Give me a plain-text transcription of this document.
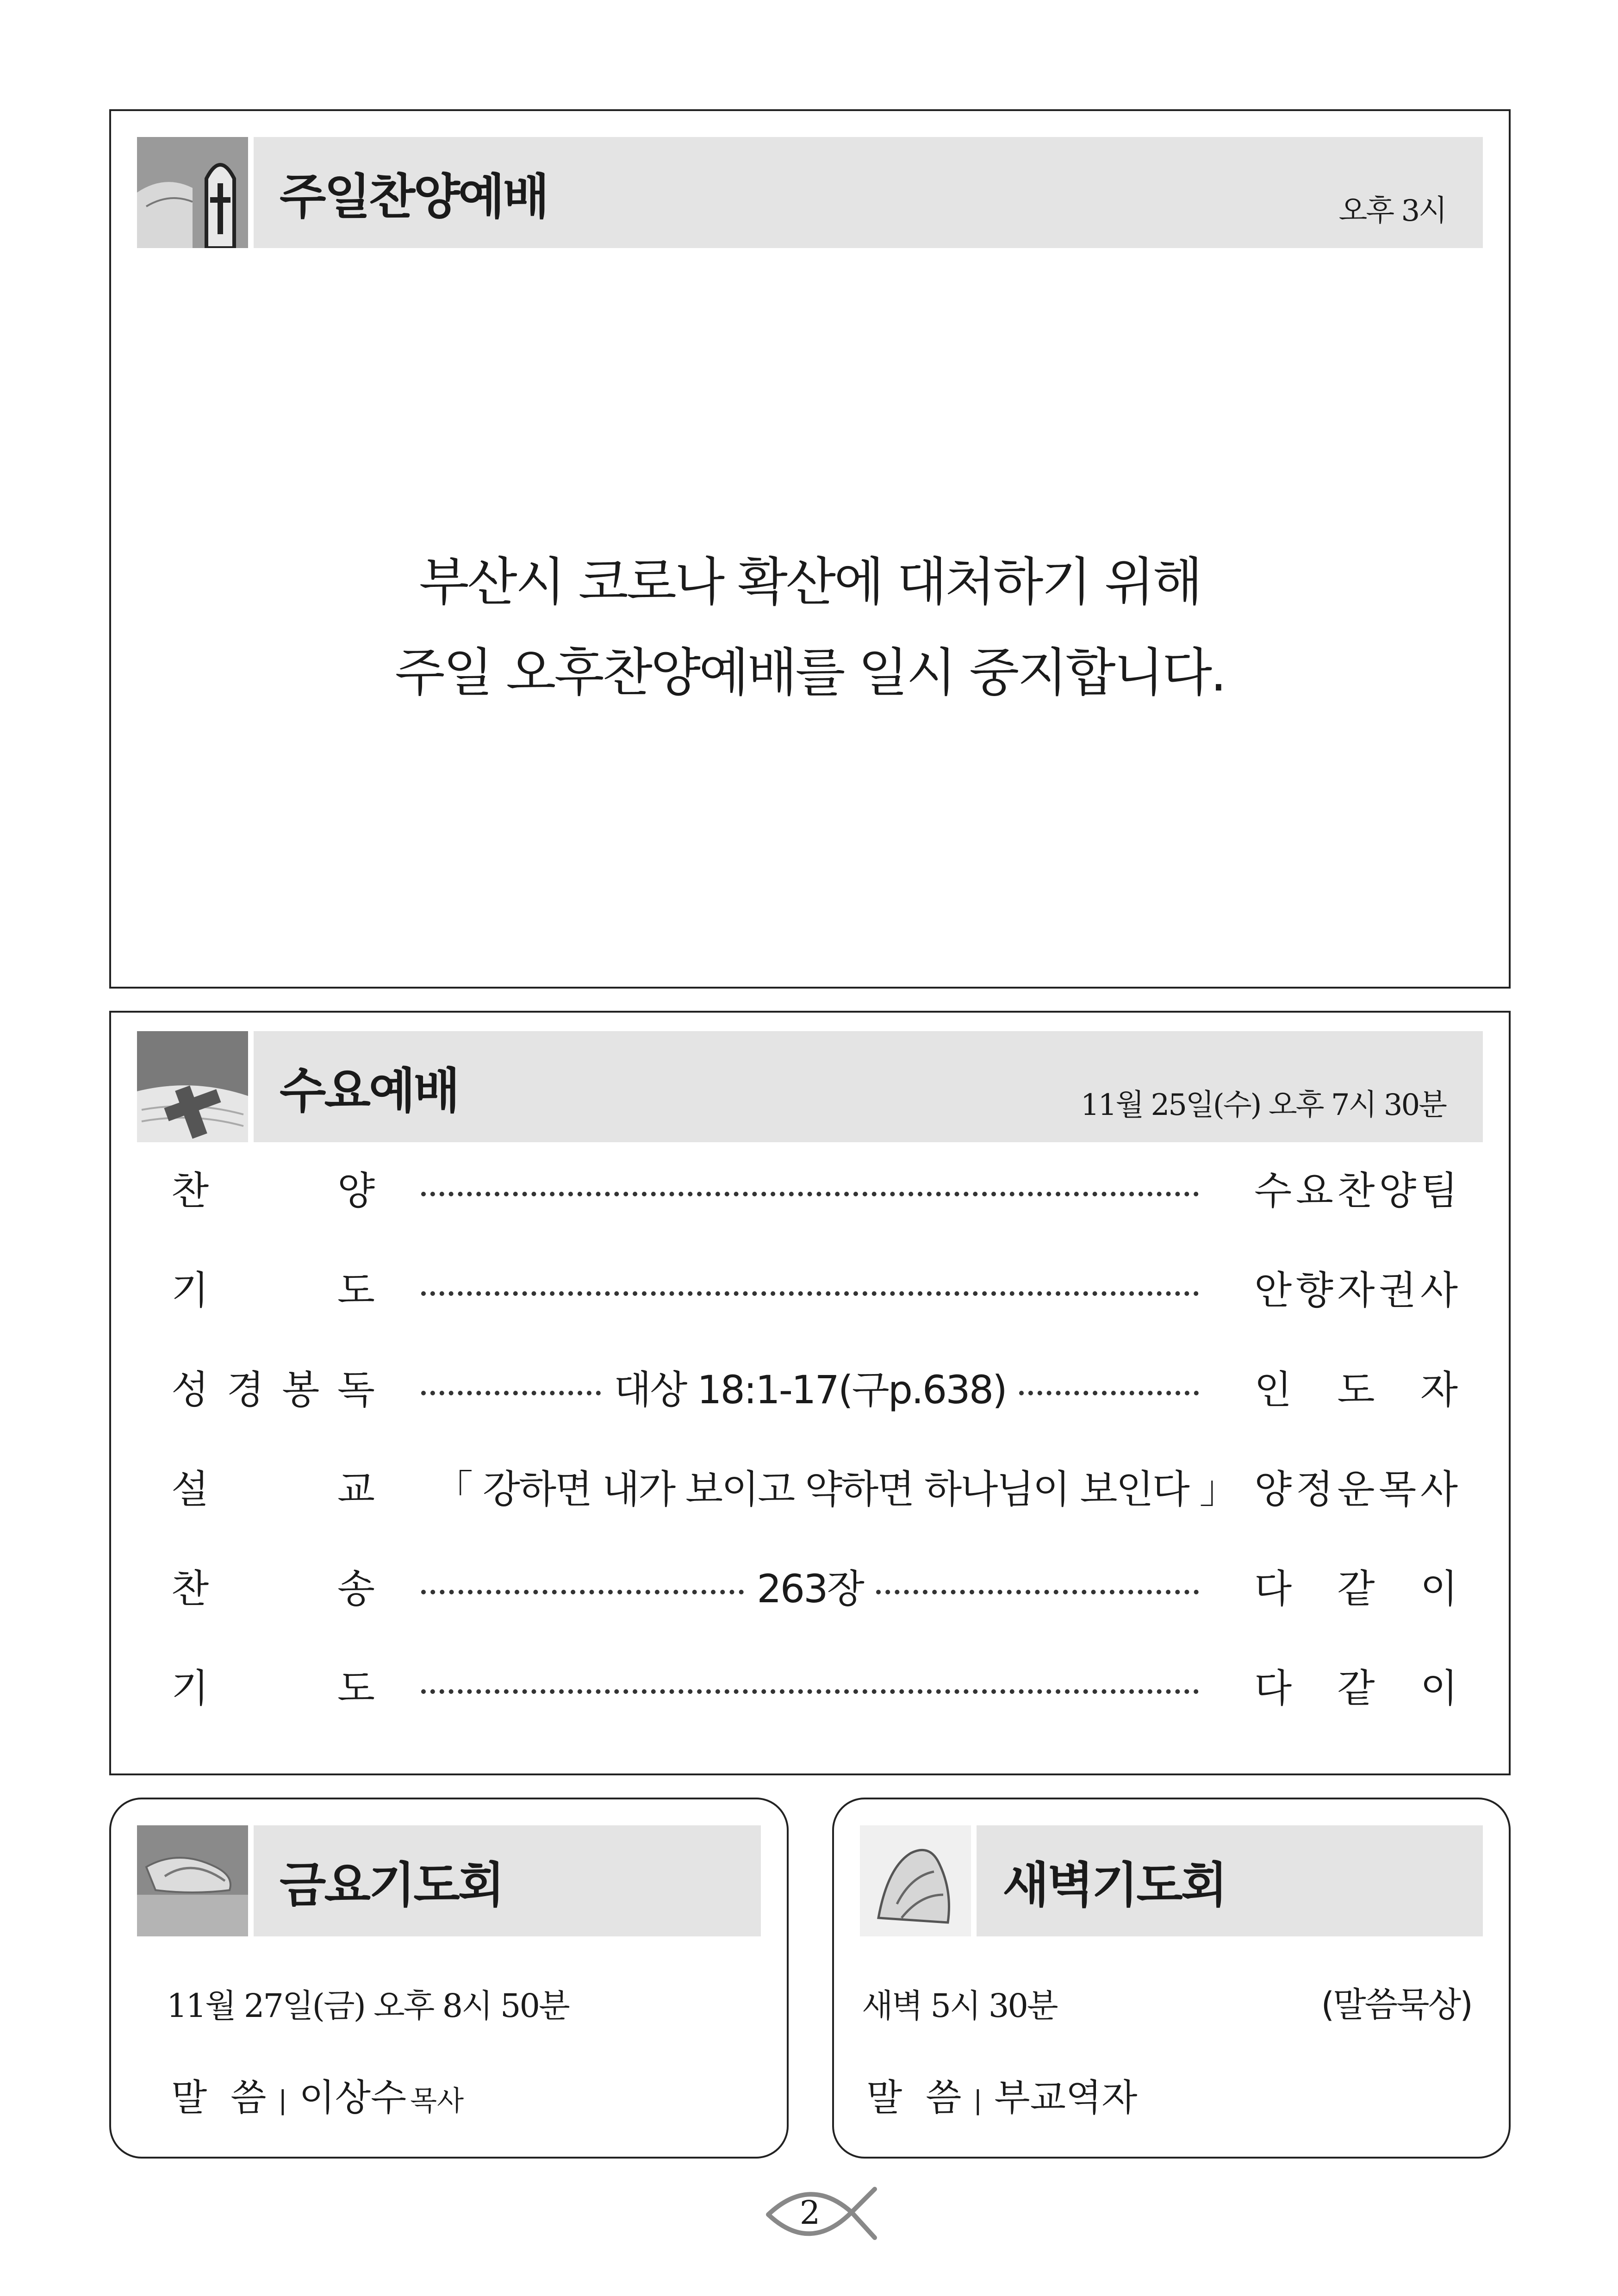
주일찬양예배	오후 3시
부산시 코로나 확산에 대처하기 위해
주일 오후찬양예배를 일시 중지합니다.
수요예배	11월 25일(수) 오후 7시 30분
찬	양	수 요 찬 양 팀
기	도	안 향 자 권 사
성 경 봉 독	대상 18:1-17(구p.638)	인 도 자
설	교	「 강하면 내가 보이고 약하면 하나님이 보인다 」 양 정 운 목 사
찬	송	263장	다 같 이
기	도	다 같 이
금요기도회
11월 27일(금) 오후 8시 50분
말  씀 | 이상수 목사
새벽기도회
새벽 5시 30분	(말씀묵상)
말  씀 | 부교역자
2
